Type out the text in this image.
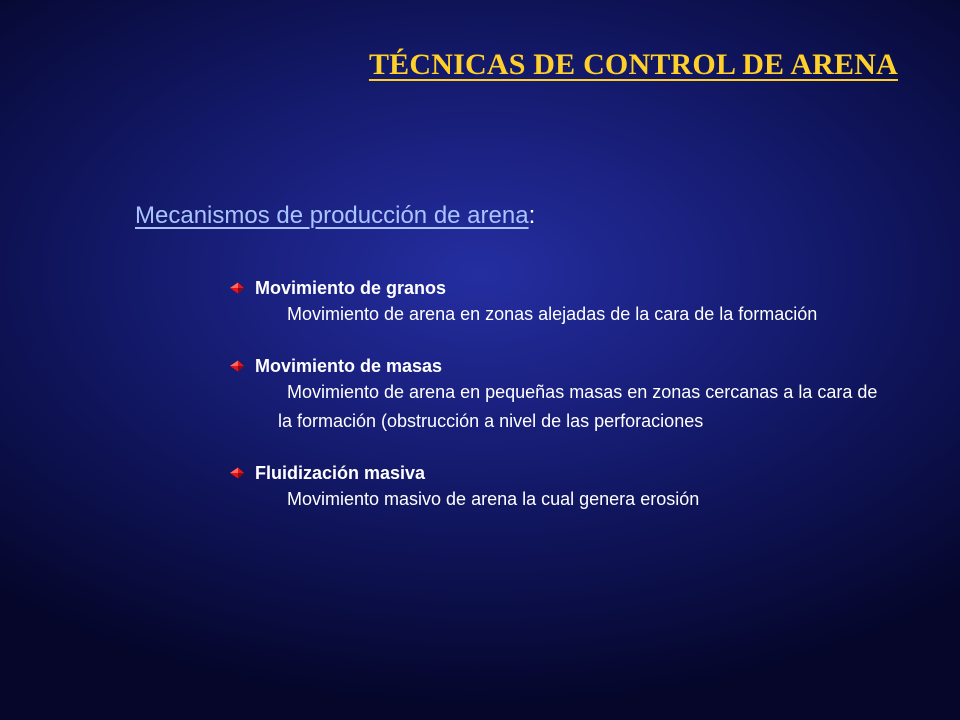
TÉCNICAS DE CONTROL DE ARENA
Mecanismos de producción de arena:
Movimiento de granos

Movimiento de arena en zonas alejadas de la cara de la formación

Movimiento de masas

Movimiento de arena en pequeñas masas en zonas cercanas a la cara de la formación (obstrucción a nivel de las perforaciones

Fluidización masiva

Movimiento masivo de arena la cual genera erosión
